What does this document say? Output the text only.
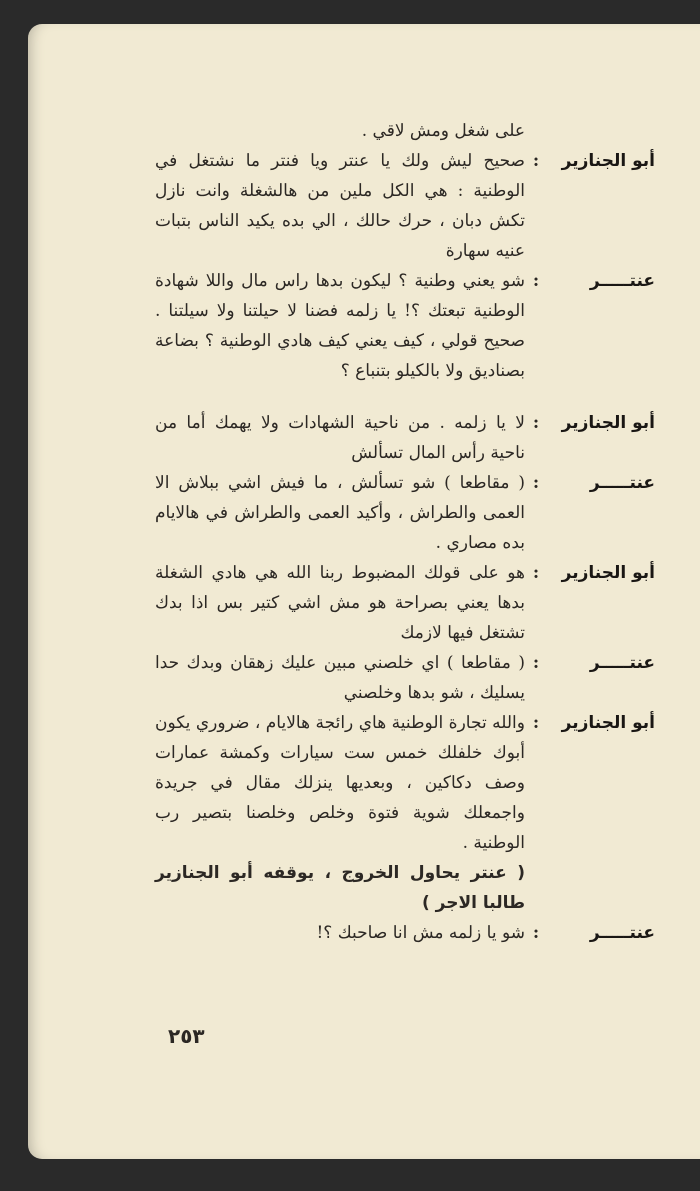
على شغل ومش لاقي .
أبو الجنازير
:
صحيح ليش ولك يا عنتر ويا فنتر ما نشتغل في الوطنية : هي الكل ملين من هالشغلة وانت نازل تكش دبان ، حرك حالك ، الي بده يكيد الناس بتبات عنيه سهارة
عنتـــــر
:
شو يعني وطنية ؟ ليكون بدها راس مال واللا شهادة الوطنية تبعتك ؟! يا زلمه فضنا لا حيلتنا ولا سيلتنا . صحيح قولي ، كيف يعني كيف هادي الوطنية ؟ بضاعة بصناديق ولا بالكيلو بتنباع ؟
أبو الجنازير
:
لا يا زلمه . من ناحية الشهادات ولا يهمك أما من ناحية رأس المال تسألش
عنتـــــر
:
( مقاطعا ) شو تسألش ، ما فيش اشي ببلاش الا العمى والطراش ، وأكيد العمى والطراش في هالايام بده مصاري .
أبو الجنازير
:
هو على قولك المضبوط ربنا الله هي هادي الشغلة بدها يعني بصراحة هو مش اشي كتير بس اذا بدك تشتغل فيها لازمك
عنتـــــر
:
( مقاطعا ) اي خلصني مبين عليك زهقان وبدك حدا يسليك ، شو بدها وخلصني
أبو الجنازير
:
والله تجارة الوطنية هاي رائجة هالايام ، ضروري يكون أبوك خلفلك خمس ست سيارات وكمشة عمارات وصف دكاكين ، وبعديها ينزلك مقال في جريدة واجمعلك شوية فتوة وخلص وخلصنا بتصير رب الوطنية .
( عنتر يحاول الخروج ، يوقفه أبو الجنازير طالبا الاجر )
عنتـــــر
:
شو يا زلمه مش انا صاحبك ؟!
٢٥٣
